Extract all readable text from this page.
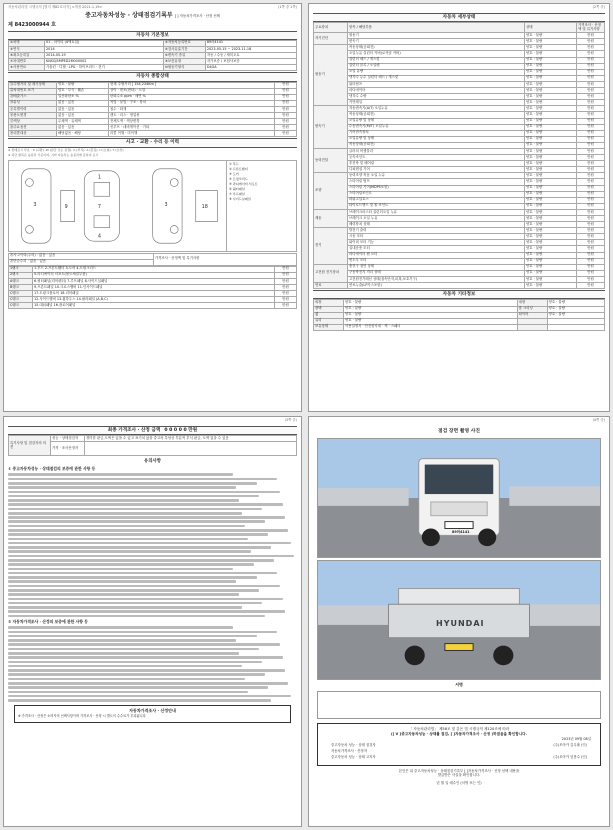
자동차관리법 시행규칙 [별지 제82호서식] <개정 2021.1.19>	(1쪽 중 1쪽)
중고자동차성능 · 상태점검기록부 [ ] 자동차가격조사 · 산정 선택
제 8423000944 호
자동차 기본정보
①차명	01 - 마이티 (4액토업)	②자동차등록번호	89러4141
③연식	2014	④검사유효기간	2023-05-15 ~ 2023-11-18
⑤최초등록일	2014-05-19	⑥변속기 종류	자동 / 수동 / 세미오토
⑦차대번호	KNSGJ5MPED2M000002	⑧보증유형	자가보증 / 보험사보증
⑨사용연료	가솔린 · 디젤 · LPG · 하이브리드 · 전기	⑩원동기형식	D4GA
자동차 종합상태
⑪주행거리 및 계기상태	양호 · 불량	현재 주행거리 [ 154,234Km ]	만원
⑫차대번호 표기	양호 · 부식 · 훼손	상이 · 변조(변타) · 도말	만원
⑬배출가스	일산화탄소 %	탄화수소 ppm · 매연 %	만원
⑭튜닝	없음 · 있음	적법 · 불법 · 구조 · 장치	만원
⑮특별이력	없음 · 있음	침수 · 화재	만원
⑯용도변경	없음 · 있음	렌트 · 리스 · 영업용	만원
⑰색상	무채색 · 유채색	전체도색 · 색상변경	만원
⑱주요옵션	없음 · 있음	선루프 · 네비게이션 · 기타	만원
⑲리콜대상	해당없음 · 해당	리콜 이행 · 미이행	만원
사고 · 교환 · 수리 등 이력
※ 상태표시 부호 : X (교환), W (판금 또는 용접), C (부식), A (흠집), U (요철), T (손상)
※ 하단 항목은 승용차 기준이며, 기타 자동차는 승용차에 준하여 표시
1
7
4
3	3
9	18
① 후드
② 프론트휀더
③ 도어
④ 트렁크리드
⑤ 라디에이터 서포트
⑥ 쿼터패널
⑦ 루프패널
⑧ 사이드실패널
⑳사고이력(주의) · 없음 · 있음	가격조사 · 산정액 및 특기사항
⑳단순수리 · 없음 · 있음
1랭크	1.후드 2.프론트휀더 3.도어 4.트렁크리드	만원
2랭크	5.라디에이터 서포트(볼트체결부품)	만원
A랭크	6.쿼터패널(리어펜더) 7.루프패널 8.사이드실패널	만원
B랭크	9.프론트패널 10.크로스멤버 11.인사이드패널	만원
C랭크	17.트렁크플로어 18.리어패널	만원
C랭크	12.사이드멤버 13.휠하우스 14.필러패널 (A,B,C)	만원
C랭크	15.대쉬패널 16.플로어패널	만원
(2쪽 중)
자동차 세부상태
주요장치	항목 / 해당부품	상태	가격조사 · 산정액 및 특기사항
자기진단	원동기	양호 · 불량	만원
	변속기	양호 · 불량	만원
원동기	작동상태(공회전)	양호 · 불량	만원
	오일누유 실린더 커버(로커암 커버)	양호 · 불량	만원
	실린더 헤드 / 개스킷	양호 · 불량	만원
	실린더 블록 / 오일팬	양호 · 불량	만원
	오일 유량	양호 · 불량	만원
	냉각수 누수 실린더 헤드 / 개스킷	양호 · 불량	만원
	워터펌프	양호 · 불량	만원
	라디에이터	양호 · 불량	만원
	냉각수 수량	양호 · 불량	만원
	커먼레일	양호 · 불량	만원
변속기	자동변속기(A/T) 오일누유	양호 · 불량	만원
	작동상태(공회전)	양호 · 불량	만원
	오일유량 및 상태	양호 · 불량	만원
	수동변속기(M/T) 오일누유	양호 · 불량	만원
	기어변속장치	양호 · 불량	만원
	오일유량 및 상태	양호 · 불량	만원
	작동상태(공회전)	양호 · 불량	만원
동력전달	클러치 어셈블리	양호 · 불량	만원
	등속조인트	양호 · 불량	만원
	추진축 및 베어링	양호 · 불량	만원
	디퍼렌셜 기어	양호 · 불량	만원
조향	동력조향 작동 오일 누유	양호 · 불량	만원
	스티어링 펌프	양호 · 불량	만원
	스티어링 기어(MDPS포함)	양호 · 불량	만원
	스티어링조인트	양호 · 불량	만원
	파워고압호스	양호 · 불량	만원
	타이로드엔드 및 볼 조인트	양호 · 불량	만원
제동	브레이크마스터 실린더오일 누유	양호 · 불량	만원
	브레이크 오일 누유	양호 · 불량	만원
	배력장치 상태	양호 · 불량	만원
전기	발전기 출력	양호 · 불량	만원
	시동 모터	양호 · 불량	만원
	와이퍼 모터 기능	양호 · 불량	만원
	실내송풍 모터	양호 · 불량	만원
	라디에이터 팬 모터	양호 · 불량	만원
	윈도우 모터	양호 · 불량	만원
고전원 전기장치	충전구 절연 상태	양호 · 불량	만원
	구동축전지 격리 상태	양호 · 불량	만원
	고전원전기배선 상태(접속단자,피복,보호기구)	양호 · 불량	만원
연료	연료누출(LP가스포함)	양호 · 불량	만원
자동차 기타정보
외장	양호 · 불량	내장	양호 · 불량
광택	양호 · 불량	룸 크리닝	양호 · 불량
휠	양호 · 불량	타이어	양호 · 불량
유리	양호 · 불량		
보유상태	사용설명서 · 안전삼각대 · 잭 · 스패너		
(3쪽 중)
최종 가격조사 · 산정 금액 0 0 0 0 0 만원
특기사항 및 점검자의 의견	성능 · 상태점검자	경미한 판금,도색은 있을 수 있고 표기치 않을 중고차 특성상 부분적 부식 판금, 도색 있을 수 있음
	가격 · 조사산정자	
유의사항
① 중고자동차성능 · 상태점검의 보증에 관한 사항 등
② 자동차가격조사 · 산정의 보증에 관한 사항 등
자동차가격조사 · 산정안내
※ 가격조사 · 산정은 소비자의 선택사항이며 가격조사 · 산정 시 별도의 수수료가 부과됩니다
(4쪽 중)
점검 장면 촬영 사진
89러4141
HYUNDAI
서명
「 자동차관리법」 제58조 및 같은 법 시행규칙 제120조에 따라
([ V ]중고자동차성능 · 상태를 점검, [ ]자동차가격조사 · 산정 )하였음을 확인합니다.
2023년 09월 08일
중고자동차 성능 · 상태 점검자	(주)모아카 김무휼 (인)
자동차가격조사 · 산정자
중고자동차 성능 · 상태 고지자	(주)모아카 임봉수 (인)
본인은 위 중고자동차성능 · 상태점검기록부 [ ]자동차가격조사 · 산정 선택 내용을
발급받은 사실을 확인합니다.
년 월 일 매수인 (서명 또는 인)
